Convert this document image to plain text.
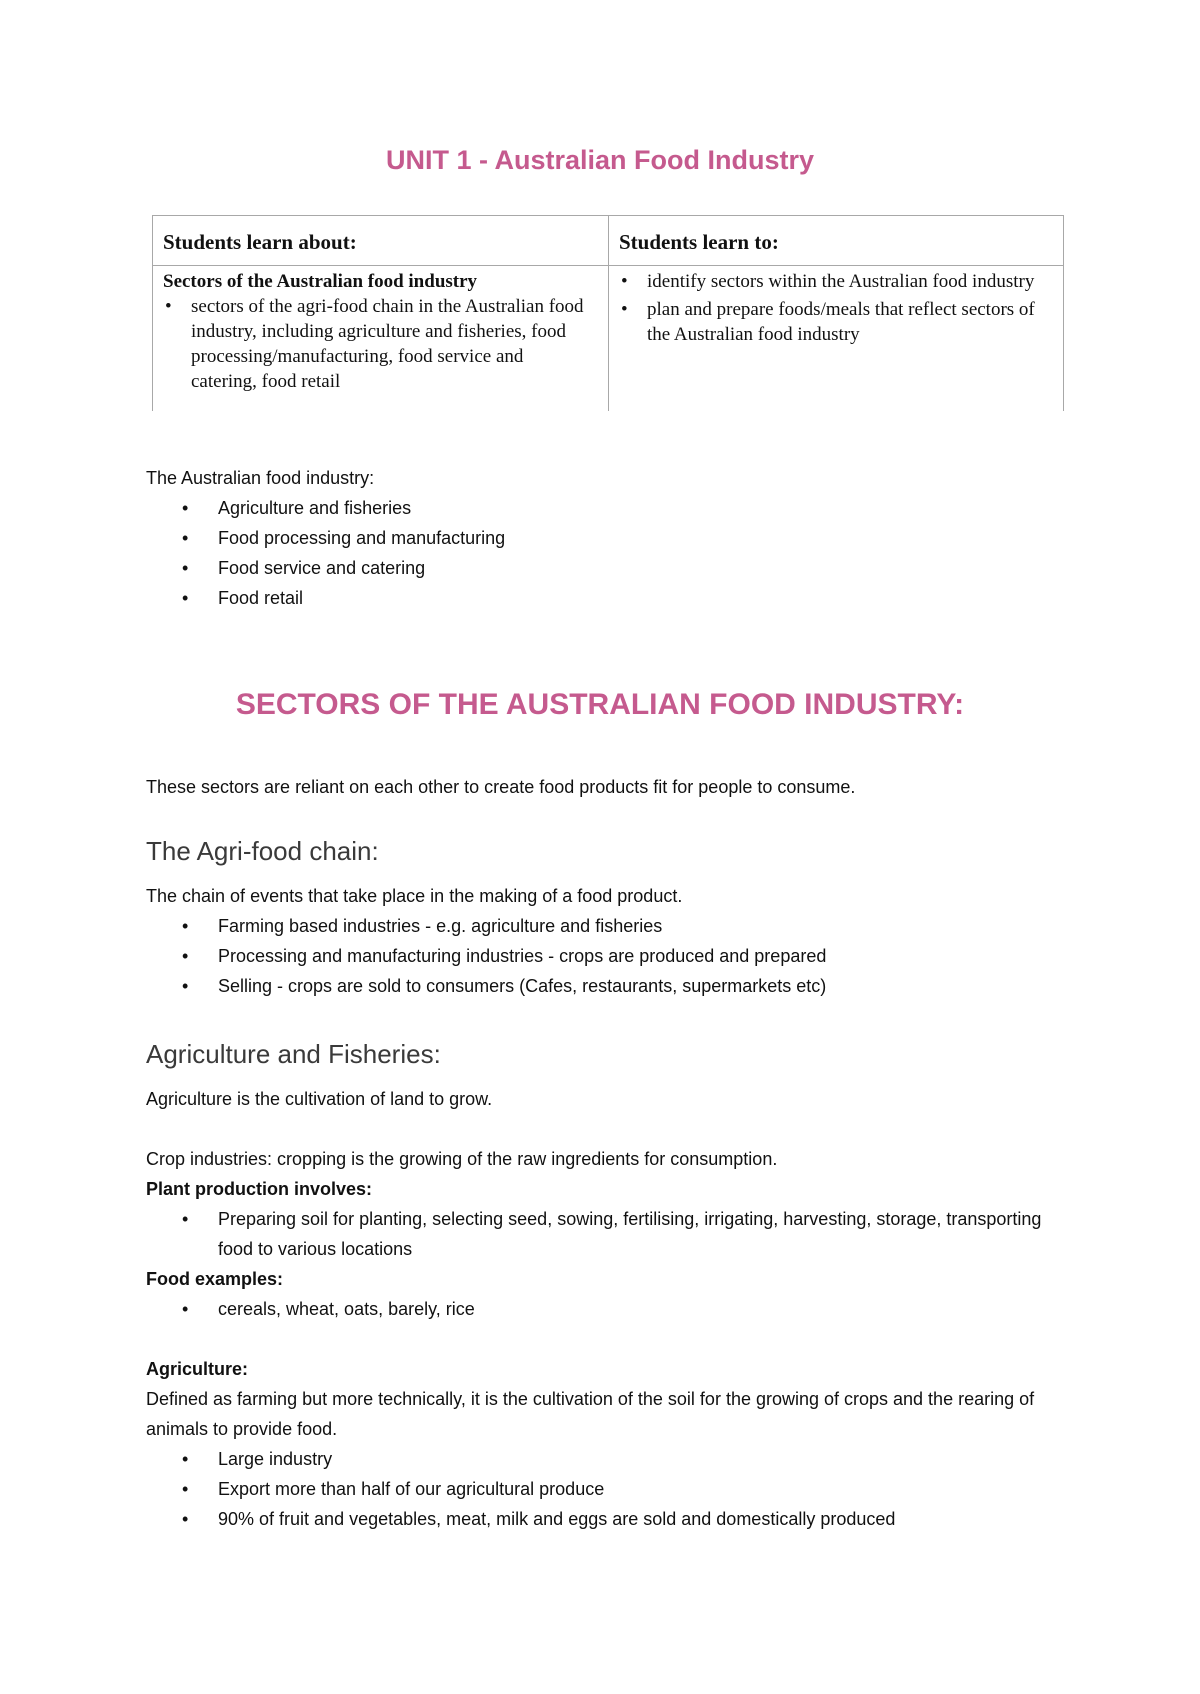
UNIT 1 - Australian Food Industry
Students learn about:	Students learn to:
Sectors of the Australian food industry
• sectors of the agri-food chain in the Australian food industry, including agriculture and fisheries, food processing/manufacturing, food service and catering, food retail
• identify sectors within the Australian food industry
• plan and prepare foods/meals that reflect sectors of the Australian food industry

The Australian food industry:

• Agriculture and fisheries
• Food processing and manufacturing
• Food service and catering
• Food retail
SECTORS OF THE AUSTRALIAN FOOD INDUSTRY:

These sectors are reliant on each other to create food products fit for people to consume.

The Agri-food chain:

The chain of events that take place in the making of a food product.

• Farming based industries - e.g. agriculture and fisheries
• Processing and manufacturing industries - crops are produced and prepared
• Selling - crops are sold to consumers (Cafes, restaurants, supermarkets etc)
Agriculture and Fisheries:

Agriculture is the cultivation of land to grow.

Crop industries: cropping is the growing of the raw ingredients for consumption.

Plant production involves:

• Preparing soil for planting, selecting seed, sowing, fertilising, irrigating, harvesting, storage, transporting food to various locations

Food examples:

• cereals, wheat, oats, barely, rice

Agriculture:

Defined as farming but more technically, it is the cultivation of the soil for the growing of crops and the rearing of animals to provide food.

• Large industry
• Export more than half of our agricultural produce
• 90% of fruit and vegetables, meat, milk and eggs are sold and domestically produced
